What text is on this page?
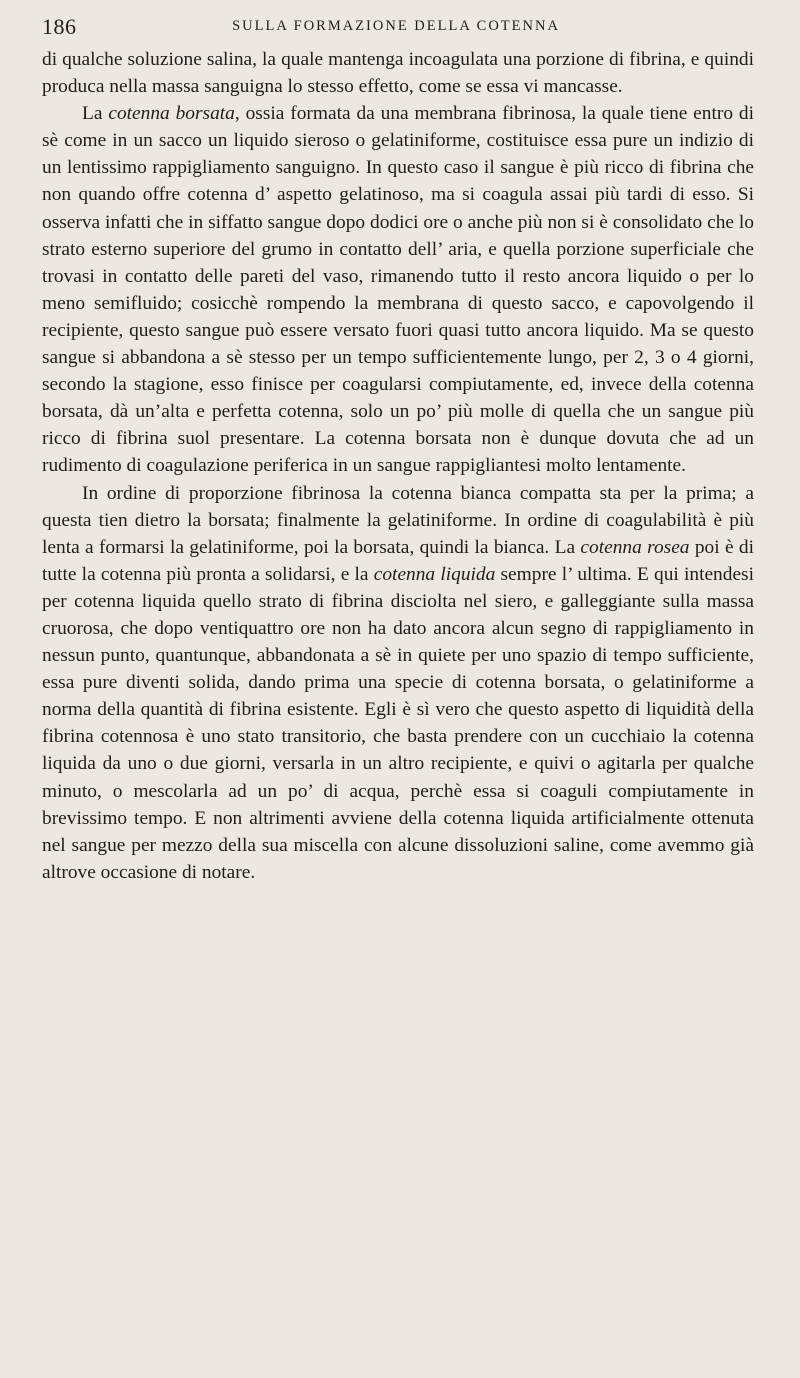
186	SULLA FORMAZIONE DELLA COTENNA

di qualche soluzione salina, la quale mantenga incoagulata una porzione di fibrina, e quindi produca nella massa sanguigna lo stesso effetto, come se essa vi mancasse.

La cotenna borsata, ossia formata da una membrana fibrinosa, la quale tiene entro di sè come in un sacco un liquido sieroso o gelatiniforme, costituisce essa pure un indizio di un lentissimo rappigliamento sanguigno. In questo caso il sangue è più ricco di fibrina che non quando offre cotenna d’ aspetto gelatinoso, ma si coagula assai più tardi di esso. Si osserva infatti che in siffatto sangue dopo dodici ore o anche più non si è consolidato che lo strato esterno superiore del grumo in contatto dell’ aria, e quella porzione superficiale che trovasi in contatto delle pareti del vaso, rimanendo tutto il resto ancora liquido o per lo meno semifluido; cosicchè rompendo la membrana di questo sacco, e capovolgendo il recipiente, questo sangue può essere versato fuori quasi tutto ancora liquido. Ma se questo sangue si abbandona a sè stesso per un tempo sufficientemente lungo, per 2, 3 o 4 giorni, secondo la stagione, esso finisce per coagularsi compiutamente, ed, invece della cotenna borsata, dà un’alta e perfetta cotenna, solo un po’ più molle di quella che un sangue più ricco di fibrina suol presentare. La cotenna borsata non è dunque dovuta che ad un rudimento di coagulazione periferica in un sangue rappigliantesi molto lentamente.

In ordine di proporzione fibrinosa la cotenna bianca compatta sta per la prima; a questa tien dietro la borsata; finalmente la gelatiniforme. In ordine di coagulabilità è più lenta a formarsi la gelatiniforme, poi la borsata, quindi la bianca. La cotenna rosea poi è di tutte la cotenna più pronta a solidarsi, e la cotenna liquida sempre l’ ultima. E qui intendesi per cotenna liquida quello strato di fibrina disciolta nel siero, e galleggiante sulla massa cruorosa, che dopo ventiquattro ore non ha dato ancora alcun segno di rappigliamento in nessun punto, quantunque, abbandonata a sè in quiete per uno spazio di tempo sufficiente, essa pure diventi solida, dando prima una specie di cotenna borsata, o gelatiniforme a norma della quantità di fibrina esistente. Egli è sì vero che questo aspetto di liquidità della fibrina cotennosa è uno stato transitorio, che basta prendere con un cucchiaio la cotenna liquida da uno o due giorni, versarla in un altro recipiente, e quivi o agitarla per qualche minuto, o mescolarla ad un po’ di acqua, perchè essa si coaguli compiutamente in brevissimo tempo. E non altrimenti avviene della cotenna liquida artificialmente ottenuta nel sangue per mezzo della sua miscella con alcune dissoluzioni saline, come avemmo già altrove occasione di notare.
